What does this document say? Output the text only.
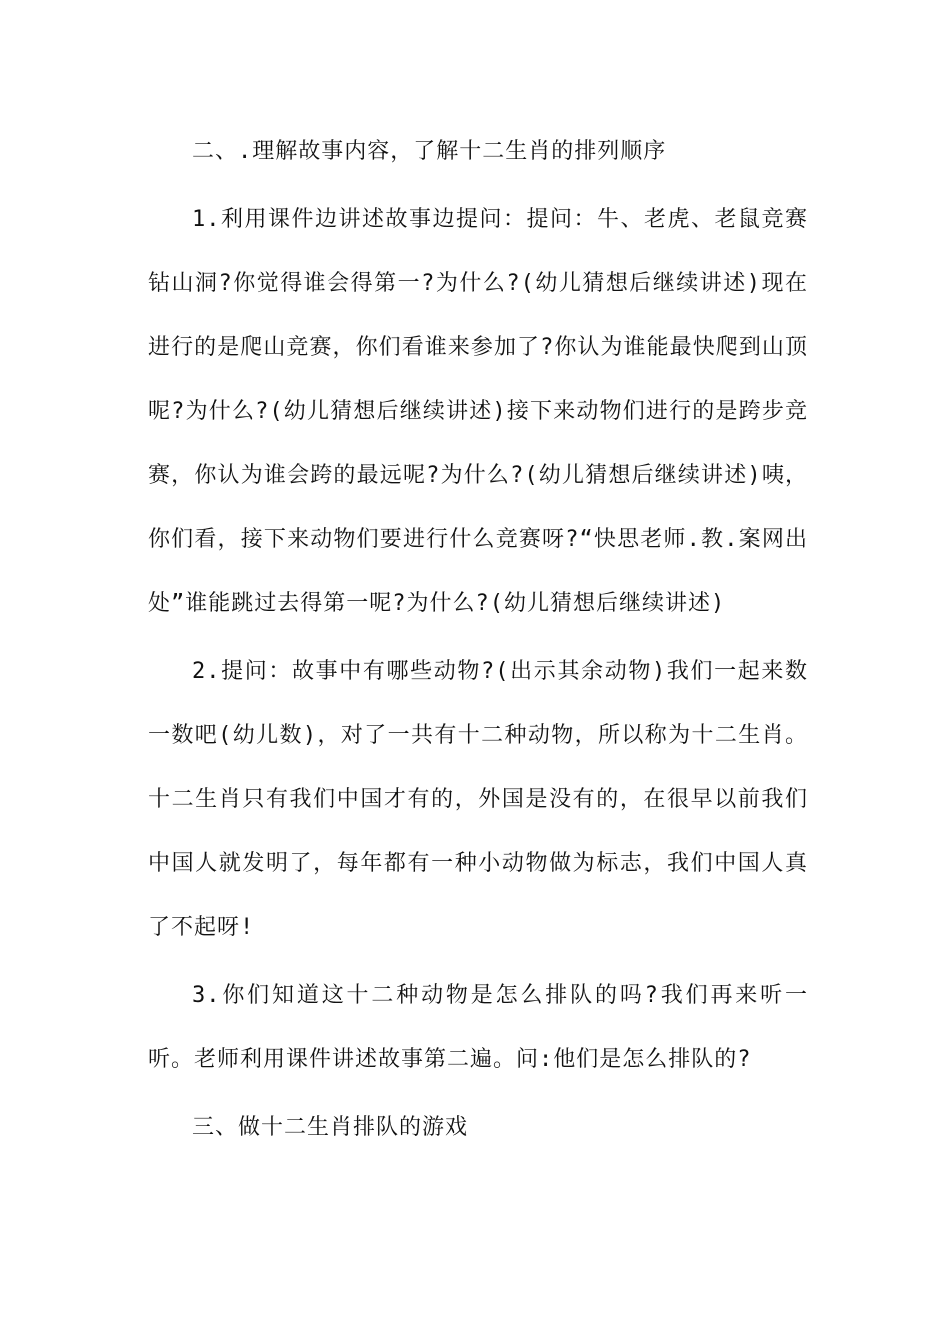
二、.理解故事内容，了解十二生肖的排列顺序

1.利用课件边讲述故事边提问：提问：牛、老虎、老鼠竞赛钻山洞?你觉得谁会得第一?为什么?(幼儿猜想后继续讲述)现在进行的是爬山竞赛，你们看谁来参加了?你认为谁能最快爬到山顶呢?为什么?(幼儿猜想后继续讲述)接下来动物们进行的是跨步竞赛，你认为谁会跨的最远呢?为什么?(幼儿猜想后继续讲述)咦，你们看，接下来动物们要进行什么竞赛呀?“快思老师.教.案网出处”谁能跳过去得第一呢?为什么?(幼儿猜想后继续讲述)

2.提问：故事中有哪些动物?(出示其余动物)我们一起来数一数吧(幼儿数)，对了一共有十二种动物，所以称为十二生肖。十二生肖只有我们中国才有的，外国是没有的，在很早以前我们中国人就发明了，每年都有一种小动物做为标志，我们中国人真了不起呀!

3.你们知道这十二种动物是怎么排队的吗?我们再来听一听。老师利用课件讲述故事第二遍。问:他们是怎么排队的?

三、做十二生肖排队的游戏
